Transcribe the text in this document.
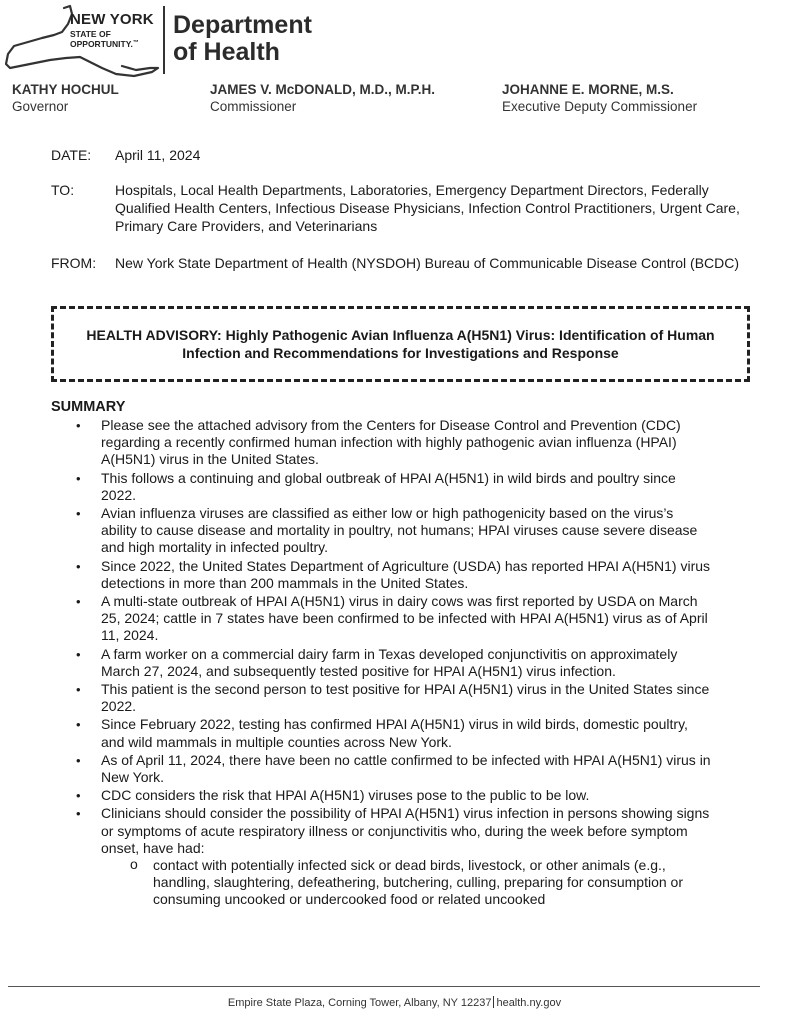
NEW YORK
STATE OF
OPPORTUNITY.™
Department
of Health
KATHY HOCHUL
Governor
JAMES V. McDONALD, M.D., M.P.H.
Commissioner
JOHANNE E. MORNE, M.S.
Executive Deputy Commissioner
DATE: April 11, 2024
TO:	Hospitals, Local Health Departments, Laboratories, Emergency Department Directors, Federally Qualified Health Centers, Infectious Disease Physicians, Infection Control Practitioners, Urgent Care, Primary Care Providers, and Veterinarians
FROM: New York State Department of Health (NYSDOH) Bureau of Communicable Disease Control (BCDC)
HEALTH ADVISORY: Highly Pathogenic Avian Influenza A(H5N1) Virus: Identification of Human Infection and Recommendations for Investigations and Response
SUMMARY
• Please see the attached advisory from the Centers for Disease Control and Prevention (CDC) regarding a recently confirmed human infection with highly pathogenic avian influenza (HPAI) A(H5N1) virus in the United States.
• This follows a continuing and global outbreak of HPAI A(H5N1) in wild birds and poultry since 2022.
• Avian influenza viruses are classified as either low or high pathogenicity based on the virus’s ability to cause disease and mortality in poultry, not humans; HPAI viruses cause severe disease and high mortality in infected poultry.
• Since 2022, the United States Department of Agriculture (USDA) has reported HPAI A(H5N1) virus detections in more than 200 mammals in the United States.
• A multi-state outbreak of HPAI A(H5N1) virus in dairy cows was first reported by USDA on March 25, 2024; cattle in 7 states have been confirmed to be infected with HPAI A(H5N1) virus as of April 11, 2024.
• A farm worker on a commercial dairy farm in Texas developed conjunctivitis on approximately March 27, 2024, and subsequently tested positive for HPAI A(H5N1) virus infection.
• This patient is the second person to test positive for HPAI A(H5N1) virus in the United States since 2022.
• Since February 2022, testing has confirmed HPAI A(H5N1) virus in wild birds, domestic poultry, and wild mammals in multiple counties across New York.
• As of April 11, 2024, there have been no cattle confirmed to be infected with HPAI A(H5N1) virus in New York.
• CDC considers the risk that HPAI A(H5N1) viruses pose to the public to be low.
• Clinicians should consider the possibility of HPAI A(H5N1) virus infection in persons showing signs or symptoms of acute respiratory illness or conjunctivitis who, during the week before symptom onset, have had:
o contact with potentially infected sick or dead birds, livestock, or other animals (e.g., handling, slaughtering, defeathering, butchering, culling, preparing for consumption or consuming uncooked or undercooked food or related uncooked
Empire State Plaza, Corning Tower, Albany, NY 12237 health.ny.gov
